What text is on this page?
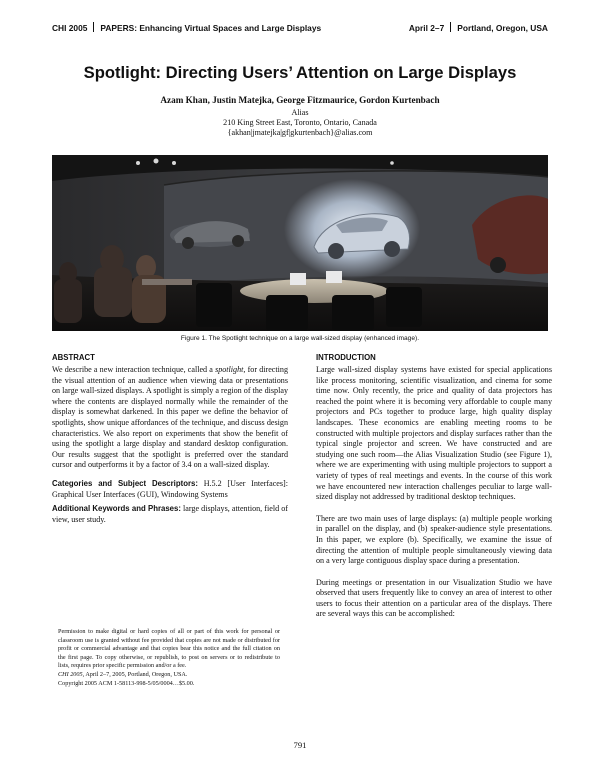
CHI 2005 PAPERS: Enhancing Virtual Spaces and Large Displays	April 2–7 Portland, Oregon, USA
Spotlight: Directing Users’ Attention on Large Displays
Azam Khan, Justin Matejka, George Fitzmaurice, Gordon Kurtenbach
Alias
210 King Street East, Toronto, Ontario, Canada
{akhan|jmatejka|gf|gkurtenbach}@alias.com
Figure 1. The Spotlight technique on a large wall-sized display (enhanced image).

ABSTRACT

We describe a new interaction technique, called a spotlight, for directing the visual attention of an audience when viewing data or presentations on large wall-sized displays. A spotlight is simply a region of the display where the contents are displayed normally while the remainder of the display is somewhat darkened. In this paper we define the behavior of spotlights, show unique affordances of the technique, and discuss design characteristics. We also report on experiments that show the benefit of using the spotlight a large display and standard desktop configuration. Our results suggest that the spotlight is preferred over the standard cursor and outperforms it by a factor of 3.4 on a wall-sized display.

Categories and Subject Descriptors: H.5.2 [User Interfaces]: Graphical User Interfaces (GUI), Windowing Systems

Additional Keywords and Phrases: large displays, attention, field of view, user study.

Permission to make digital or hard copies of all or part of this work for personal or classroom use is granted without fee provided that copies are not made or distributed for profit or commercial advantage and that copies bear this notice and the full citation on the first page. To copy otherwise, or republish, to post on servers or to redistribute to lists, requires prior specific permission and/or a fee.

CHI 2005, April 2–7, 2005, Portland, Oregon, USA.

Copyright 2005 ACM 1-58113-998-5/05/0004…$5.00.

INTRODUCTION

Large wall-sized display systems have existed for special applications like process monitoring, scientific visualization, and cinema for some time now. Only recently, the price and quality of data projectors has reached the point where it is becoming very affordable to couple many projectors and PCs together to produce large, high quality display landscapes. These economics are enabling meeting rooms to be constructed with multiple projectors and display surfaces rather than the typical single projector and screen. We have constructed and are studying one such room—the Alias Visualization Studio (see Figure 1), where we are experimenting with using multiple projectors to support a variety of types of real meetings and events. In the course of this work we have encountered new interaction challenges peculiar to large wall-sized display not addressed by traditional desktop techniques.

There are two main uses of large displays: (a) multiple people working in parallel on the display, and (b) speaker-audience style presentations. In this paper, we explore (b). Specifically, we examine the issue of directing the attention of multiple people simultaneously viewing data on a very large contiguous display space during a presentation.

During meetings or presentation in our Visualization Studio we have observed that users frequently like to convey an area of interest to other users to focus their attention on a particular area of the displays. There are several ways this can be accomplished:

791
